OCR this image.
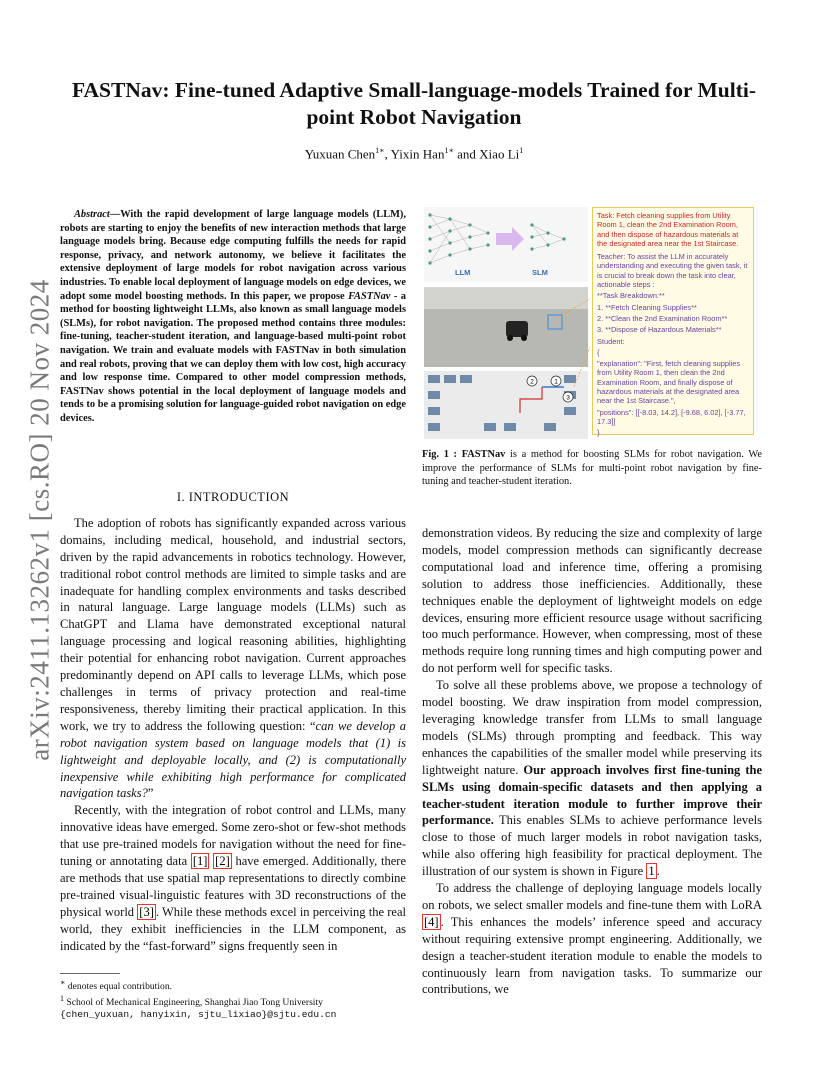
arXiv:2411.13262v1 [cs.RO] 20 Nov 2024
FASTNav: Fine-tuned Adaptive Small-language-models Trained for Multi-point Robot Navigation
Yuxuan Chen$^{1∗}$, Yixin Han$^{1∗}$ and Xiao Li$^1$
Abstract—With the rapid development of large language models (LLM), robots are starting to enjoy the benefits of new interaction methods that large language models bring. Because edge computing fulfills the needs for rapid response, privacy, and network autonomy, we believe it facilitates the extensive deployment of large models for robot navigation across various industries. To enable local deployment of language models on edge devices, we adopt some model boosting methods. In this paper, we propose FASTNav - a method for boosting lightweight LLMs, also known as small language models (SLMs), for robot navigation. The proposed method contains three modules: fine-tuning, teacher-student iteration, and language-based multi-point robot navigation. We train and evaluate models with FASTNav in both simulation and real robots, proving that we can deploy them with low cost, high accuracy and low response time. Compared to other model compression methods, FASTNav shows potential in the local deployment of language models and tends to be a promising solution for language-guided robot navigation on edge devices.

I. INTRODUCTION

The adoption of robots has significantly expanded across various domains, including medical, household, and industrial sectors, driven by the rapid advancements in robotics technology. However, traditional robot control methods are limited to simple tasks and are inadequate for handling complex environments and tasks described in natural language. Large language models (LLMs) such as ChatGPT and Llama have demonstrated exceptional natural language processing and logical reasoning abilities, highlighting their potential for enhancing robot navigation. Current approaches predominantly depend on API calls to leverage LLMs, which pose challenges in terms of privacy protection and real-time responsiveness, thereby limiting their practical application. In this work, we try to address the following question: “can we develop a robot navigation system based on language models that (1) is lightweight and deployable locally, and (2) is computationally inexpensive while exhibiting high performance for complicated navigation tasks?”

Recently, with the integration of robot control and LLMs, many innovative ideas have emerged. Some zero-shot or few-shot methods that use pre-trained models for navigation without the need for fine-tuning or annotating data [1] [2] have emerged. Additionally, there are methods that use spatial map representations to directly combine pre-trained visual-linguistic features with 3D reconstructions of the physical world [3] . While these methods excel in perceiving the real world, they exhibit inefficiencies in the LLM component, as indicated by the “fast-forward” signs frequently seen in

∗ denotes equal contribution.
$^1$ School of Mechanical Engineering, Shanghai Jiao Tong University
{chen_yuxuan, hanyixin, sjtu_lixiao}@sjtu.edu.cn
LLM	SLM
2	1
3
Task: Fetch cleaning supplies from Utility Room 1, clean the 2nd Examination Room, and then dispose of hazardous materials at the designated area near the 1st Staircase.
Teacher: To assist the LLM in accurately understanding and executing the given task, it is crucial to break down the task into clear, actionable steps :
**Task Breakdown:**
1. **Fetch Cleaning Supplies**
2. **Clean the 2nd Examination Room**
3. **Dispose of Hazardous Materials**
Student:
{
"explanation": "First, fetch cleaning supplies from Utility Room 1, then clean the 2nd Examination Room, and finally dispose of hazardous materials at the designated area near the 1st Staircase.",
"positions": [[-8.03, 14.2], [-9.68, 6.02], [-3.77, 17.3]]
}
Fig. 1 : FASTNav is a method for boosting SLMs for robot navigation. We improve the performance of SLMs for multi-point robot navigation by fine-tuning and teacher-student iteration.

demonstration videos. By reducing the size and complexity of large models, model compression methods can significantly decrease computational load and inference time, offering a promising solution to address those inefficiencies. Additionally, these techniques enable the deployment of lightweight models on edge devices, ensuring more efficient resource usage without sacrificing too much performance. However, when compressing, most of these methods require long running times and high computing power and do not perform well for specific tasks.

To solve all these problems above, we propose a technology of model boosting. We draw inspiration from model compression, leveraging knowledge transfer from LLMs to small language models (SLMs) through prompting and feedback. This way enhances the capabilities of the smaller model while preserving its lightweight nature. Our approach involves first fine-tuning the SLMs using domain-specific datasets and then applying a teacher-student iteration module to further improve their performance. This enables SLMs to achieve performance levels close to those of much larger models in robot navigation tasks, while also offering high feasibility for practical deployment. The illustration of our system is shown in Figure 1 .

To address the challenge of deploying language models locally on robots, we select smaller models and fine-tune them with LoRA [4] . This enhances the models’ inference speed and accuracy without requiring extensive prompt engineering. Additionally, we design a teacher-student iteration module to enable the models to continuously learn from navigation tasks. To summarize our contributions, we
